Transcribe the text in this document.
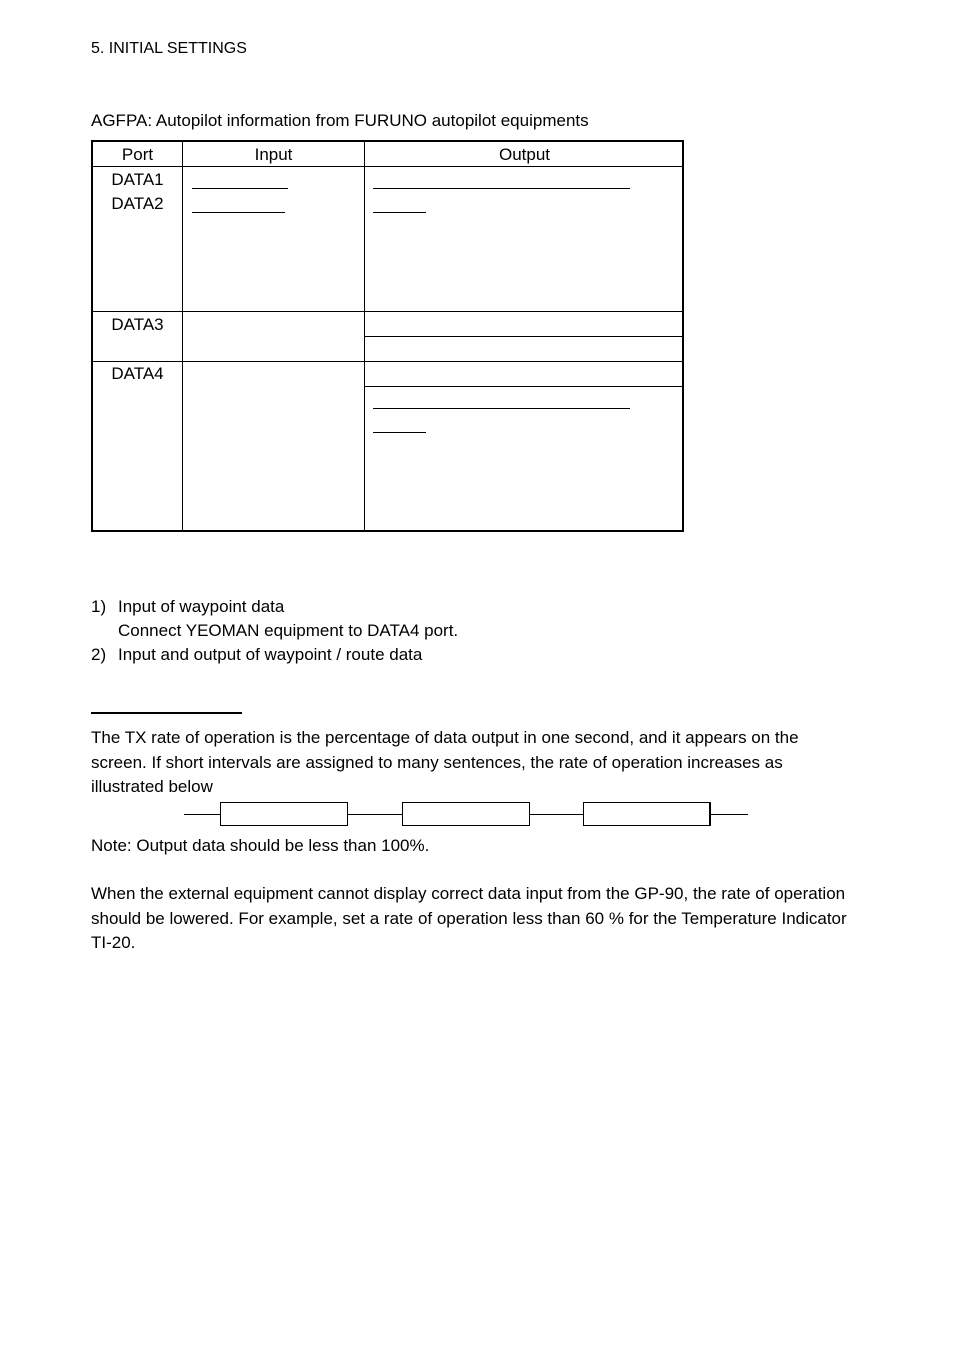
5. INITIAL SETTINGS
AGFPA: Autopilot information from FURUNO autopilot equipments
Port	Input	Output
DATA1
DATA2
DATA3
DATA4
1) Input of waypoint data
Connect YEOMAN equipment to DATA4 port.
2) Input and output of waypoint / route data
The TX rate of operation is the percentage of data output in one second, and it appears on the screen. If short intervals are assigned to many sentences, the rate of operation increases as illustrated below
Note: Output data should be less than 100%.
When the external equipment cannot display correct data input from the GP-90, the rate of operation should be lowered. For example, set a rate of operation less than 60 % for the Temperature Indicator TI-20.
